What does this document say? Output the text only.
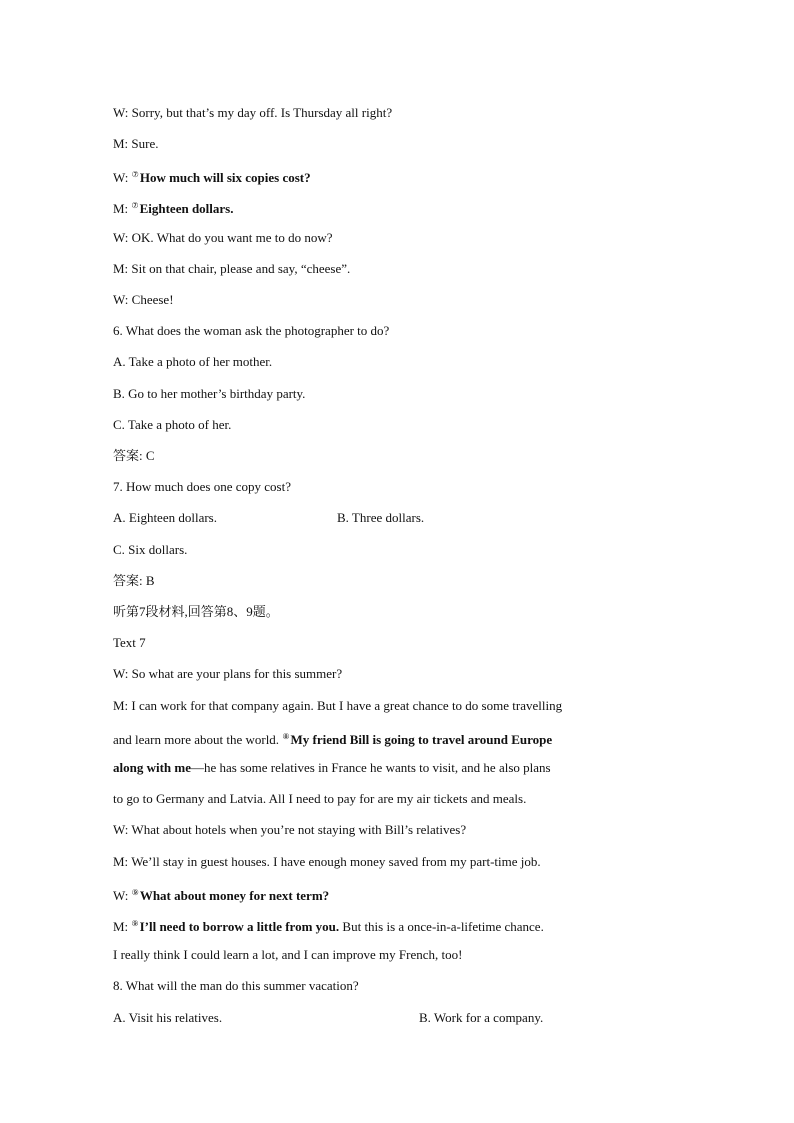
W: Sorry, but that’s my day off. Is Thursday all right?
M: Sure.
W: ⑦How much will six copies cost?
M: ⑦Eighteen dollars.
W: OK. What do you want me to do now?
M: Sit on that chair, please and say, “cheese”.
W: Cheese!
6. What does the woman ask the photographer to do?
A. Take a photo of her mother.
B. Go to her mother’s birthday party.
C. Take a photo of her.
答案: C
7. How much does one copy cost?
A. Eighteen dollars.	B. Three dollars.
C. Six dollars.
答案: B
听第7段材料,回答第8、9题。
Text 7
W: So what are your plans for this summer?
M: I can work for that company again. But I have a great chance to do some travelling
and learn more about the world. ⑧My friend Bill is going to travel around Europe
along with me—he has some relatives in France he wants to visit, and he also plans
to go to Germany and Latvia. All I need to pay for are my air tickets and meals.
W: What about hotels when you’re not staying with Bill’s relatives?
M: We’ll stay in guest houses. I have enough money saved from my part-time job.
W: ⑨What about money for next term?
M: ⑨I’ll need to borrow a little from you. But this is a once-in-a-lifetime chance.
I really think I could learn a lot, and I can improve my French, too!
8. What will the man do this summer vacation?
A. Visit his relatives.	B. Work for a company.
